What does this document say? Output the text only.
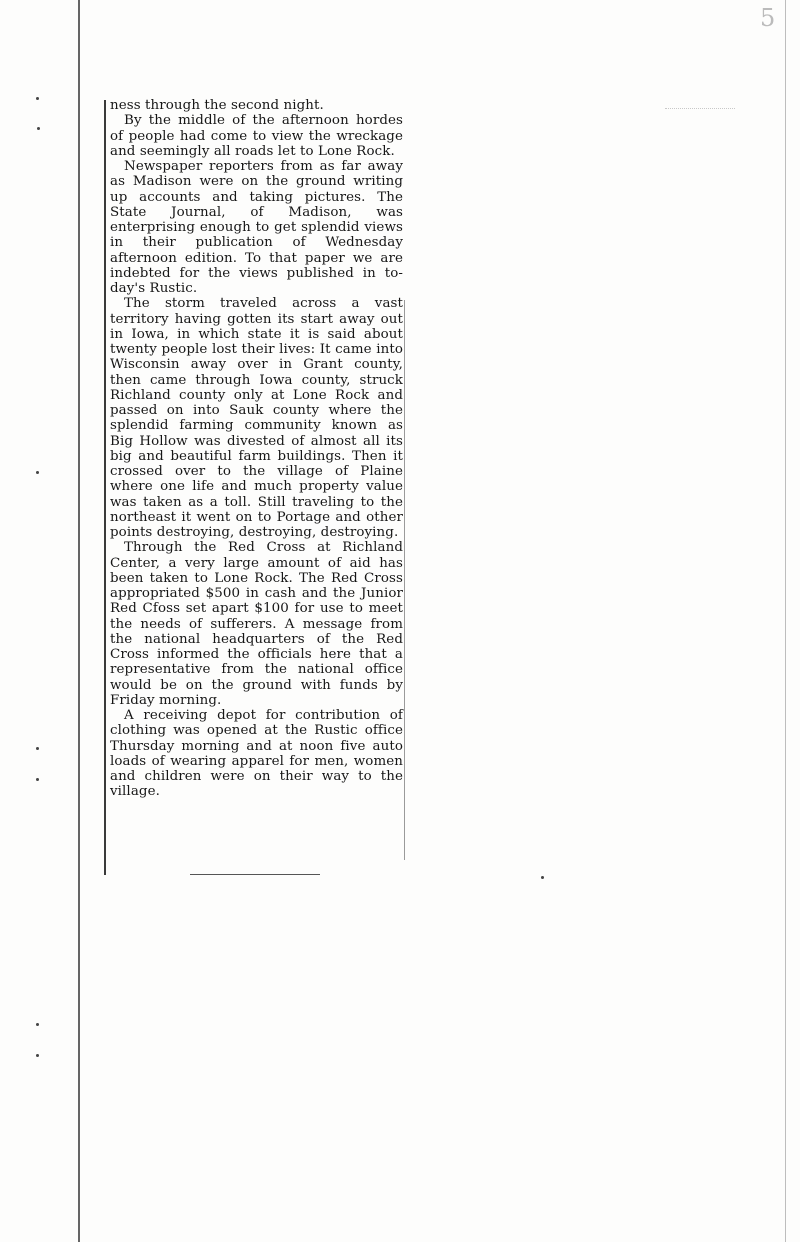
5

ness through the second night.

By the middle of the afternoon hordes of people had come to view the wreckage and seemingly all roads let to Lone Rock.

Newspaper reporters from as far away as Madison were on the ground writing up accounts and taking pictures. The State Journal, of Madison, was enterprising enough to get splendid views in their publication of Wednesday afternoon edition. To that paper we are indebted for the views published in to-day's Rustic.

The storm traveled across a vast territory having gotten its start away out in Iowa, in which state it is said about twenty people lost their lives: It came into Wisconsin away over in Grant county, then came through Iowa county, struck Richland county only at Lone Rock and passed on into Sauk county where the splendid farming community known as Big Hollow was divested of almost all its big and beautiful farm buildings. Then it crossed over to the village of Plaine where one life and much property value was taken as a toll. Still traveling to the northeast it went on to Portage and other points destroying, destroying, destroying.

Through the Red Cross at Richland Center, a very large amount of aid has been taken to Lone Rock. The Red Cross appropriated $500 in cash and the Junior Red Cfoss set apart $100 for use to meet the needs of sufferers. A message from the national headquarters of the Red Cross informed the officials here that a representative from the national office would be on the ground with funds by Friday morning.

A receiving depot for contribution of clothing was opened at the Rustic office Thursday morning and at noon five auto loads of wearing apparel for men, women and children were on their way to the village.
